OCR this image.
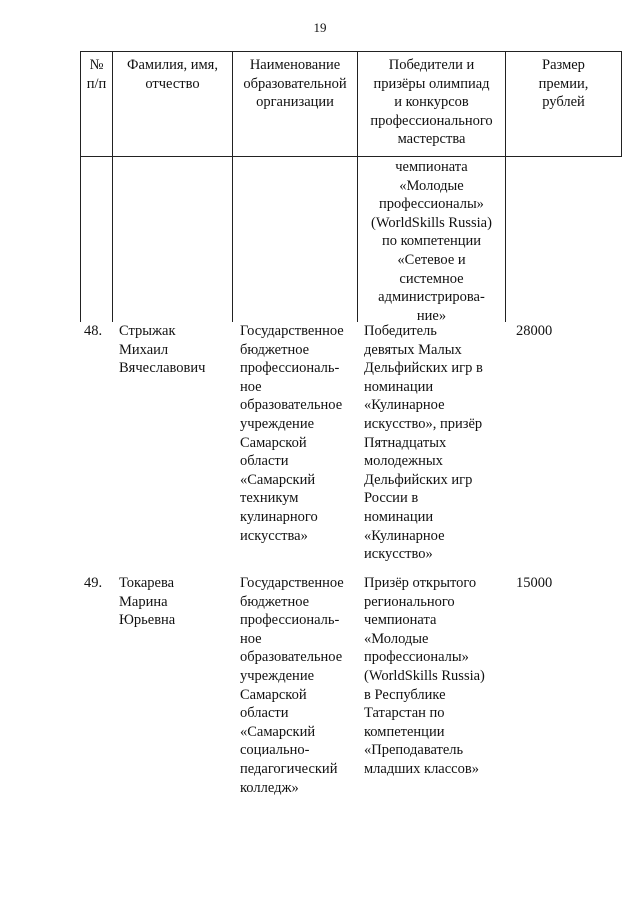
19
№
п/п
Фамилия, имя,
отчество
Наименование
образовательной
организации
Победители и
призёры олимпиад
и конкурсов
профессионального
мастерства
Размер
премии,
рублей
чемпионата
«Молодые
профессионалы»
(WorldSkills Russia)
по компетенции
«Сетевое и
системное
администрирова-
ние»
48.	Стрыжак
Михаил
Вячеславович
Государственное
бюджетное
профессиональ-
ное
образовательное
учреждение
Самарской
области
«Самарский
техникум
кулинарного
искусства»
Победитель
девятых Малых
Дельфийских игр в
номинации
«Кулинарное
искусство», призёр
Пятнадцатых
молодежных
Дельфийских игр
России в
номинации
«Кулинарное
искусство»
28000
49.	Токарева
Марина
Юрьевна
Государственное
бюджетное
профессиональ-
ное
образовательное
учреждение
Самарской
области
«Самарский
социально-
педагогический
колледж»
Призёр открытого
регионального
чемпионата
«Молодые
профессионалы»
(WorldSkills Russia)
в Республике
Татарстан по
компетенции
«Преподаватель
младших классов»
15000
